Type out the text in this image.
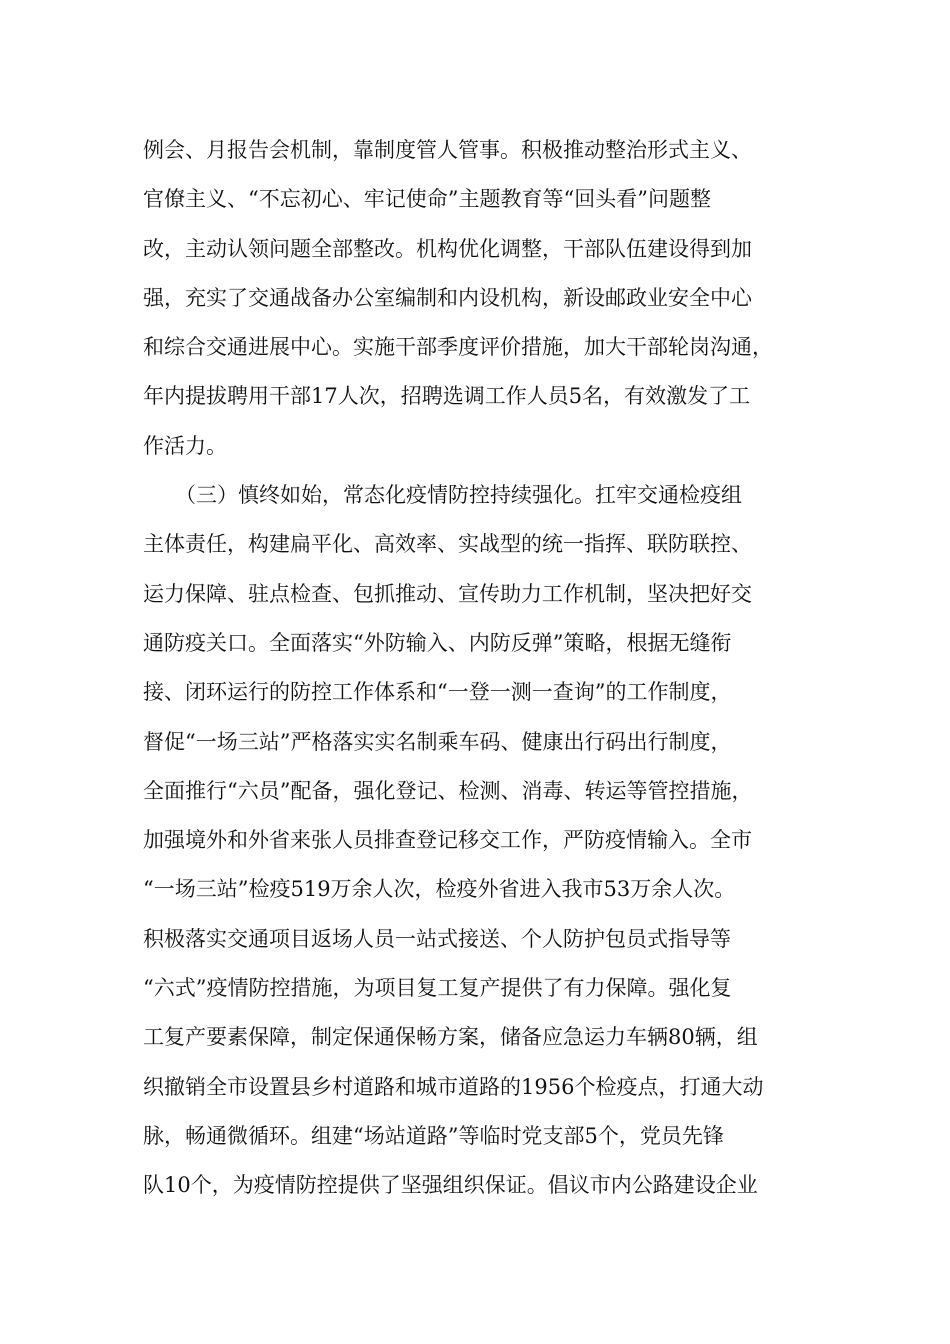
例会、月报告会机制，靠制度管人管事。积极推动整治形式主义、
官僚主义、“不忘初心、牢记使命”主题教育等“回头看”问题整
改，主动认领问题全部整改。机构优化调整，干部队伍建设得到加
强，充实了交通战备办公室编制和内设机构，新设邮政业安全中心
和综合交通进展中心。实施干部季度评价措施，加大干部轮岗沟通，
年内提拔聘用干部17人次，招聘选调工作人员5名，有效激发了工
作活力。
（三）慎终如始，常态化疫情防控持续强化。扛牢交通检疫组
主体责任，构建扁平化、高效率、实战型的统一指挥、联防联控、
运力保障、驻点检查、包抓推动、宣传助力工作机制，坚决把好交
通防疫关口。全面落实“外防输入、内防反弹”策略，根据无缝衔
接、闭环运行的防控工作体系和“一登一测一查询”的工作制度，
督促“一场三站”严格落实实名制乘车码、健康出行码出行制度，
全面推行“六员”配备，强化登记、检测、消毒、转运等管控措施，
加强境外和外省来张人员排查登记移交工作，严防疫情输入。全市
“一场三站”检疫519万余人次，检疫外省进入我市53万余人次。
积极落实交通项目返场人员一站式接送、个人防护包员式指导等
“六式”疫情防控措施，为项目复工复产提供了有力保障。强化复
工复产要素保障，制定保通保畅方案，储备应急运力车辆80辆，组
织撤销全市设置县乡村道路和城市道路的1956个检疫点，打通大动
脉，畅通微循环。组建“场站道路”等临时党支部5个，党员先锋
队10个，为疫情防控提供了坚强组织保证。倡议市内公路建设企业
